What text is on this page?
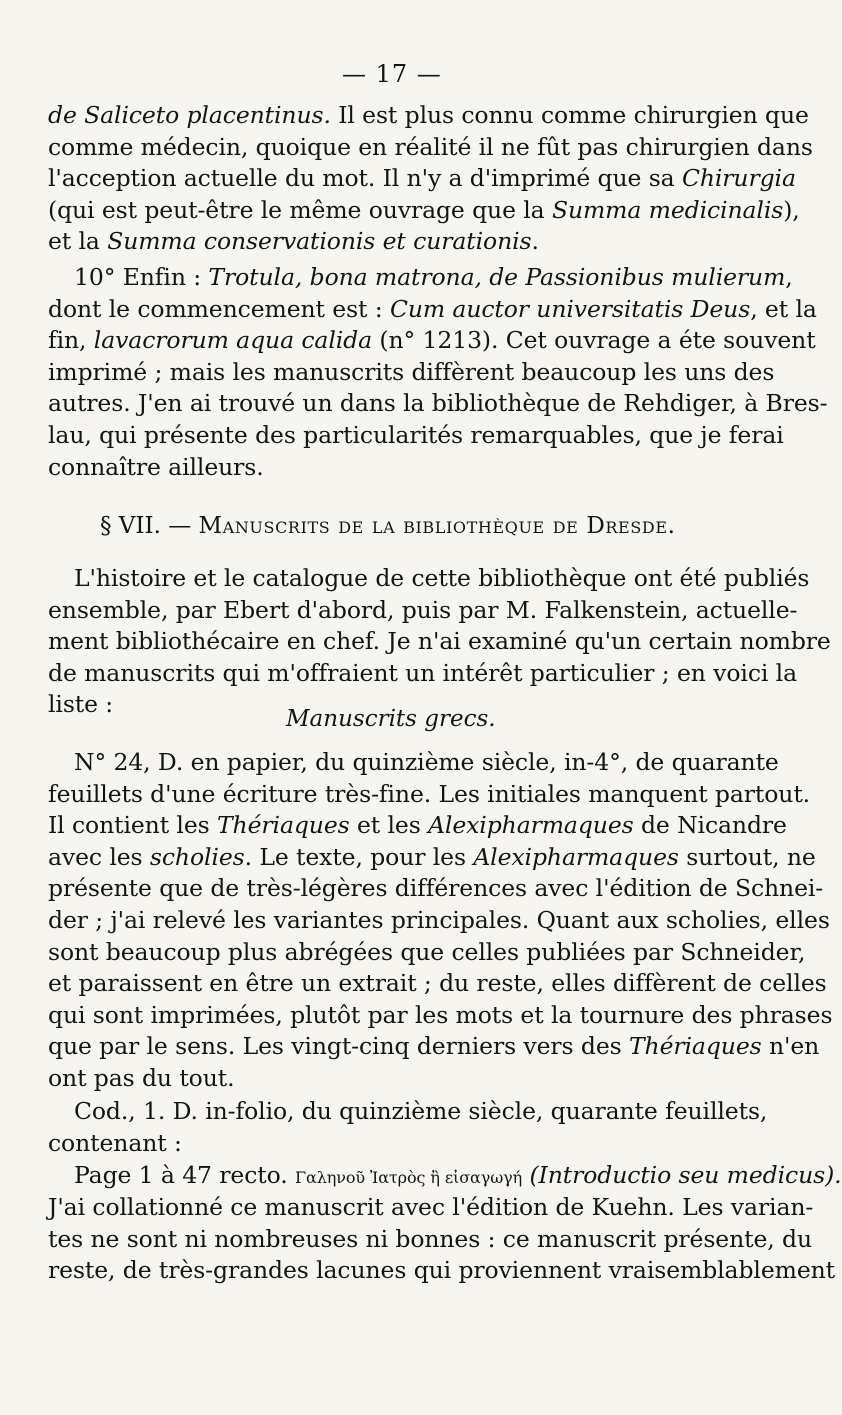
— 17 —
de Saliceto placentinus. Il est plus connu comme chirurgien que
comme médecin, quoique en réalité il ne fût pas chirurgien dans
l'acception actuelle du mot. Il n'y a d'imprimé que sa Chirurgia
(qui est peut-être le même ouvrage que la Summa medicinalis),
et la Summa conservationis et curationis.
10° Enfin : Trotula, bona matrona, de Passionibus mulierum,
dont le commencement est : Cum auctor universitatis Deus, et la
fin, lavacrorum aqua calida (n° 1213). Cet ouvrage a éte souvent
imprimé ; mais les manuscrits diffèrent beaucoup les uns des
autres. J'en ai trouvé un dans la bibliothèque de Rehdiger, à Bres-
lau, qui présente des particularités remarquables, que je ferai
connaître ailleurs.
§ VII. — Manuscrits de la bibliothèque de Dresde.
L'histoire et le catalogue de cette bibliothèque ont été publiés
ensemble, par Ebert d'abord, puis par M. Falkenstein, actuelle-
ment bibliothécaire en chef. Je n'ai examiné qu'un certain nombre
de manuscrits qui m'offraient un intérêt particulier ; en voici la
liste :
Manuscrits grecs.
N° 24, D. en papier, du quinzième siècle, in-4°, de quarante
feuillets d'une écriture très-fine. Les initiales manquent partout.
Il contient les Thériaques et les Alexipharmaques de Nicandre
avec les scholies. Le texte, pour les Alexipharmaques surtout, ne
présente que de très-légères différences avec l'édition de Schnei-
der ; j'ai relevé les variantes principales. Quant aux scholies, elles
sont beaucoup plus abrégées que celles publiées par Schneider,
et paraissent en être un extrait ; du reste, elles diffèrent de celles
qui sont imprimées, plutôt par les mots et la tournure des phrases
que par le sens. Les vingt-cinq derniers vers des Thériaques n'en
ont pas du tout.
Cod., 1. D. in-folio, du quinzième siècle, quarante feuillets,
contenant :
Page 1 à 47 recto. Γαληνοῦ Ἰατρὸς ἢ εἰσαγωγή (Introductio seu medicus).
J'ai collationné ce manuscrit avec l'édition de Kuehn. Les varian-
tes ne sont ni nombreuses ni bonnes : ce manuscrit présente, du
reste, de très-grandes lacunes qui proviennent vraisemblablement
